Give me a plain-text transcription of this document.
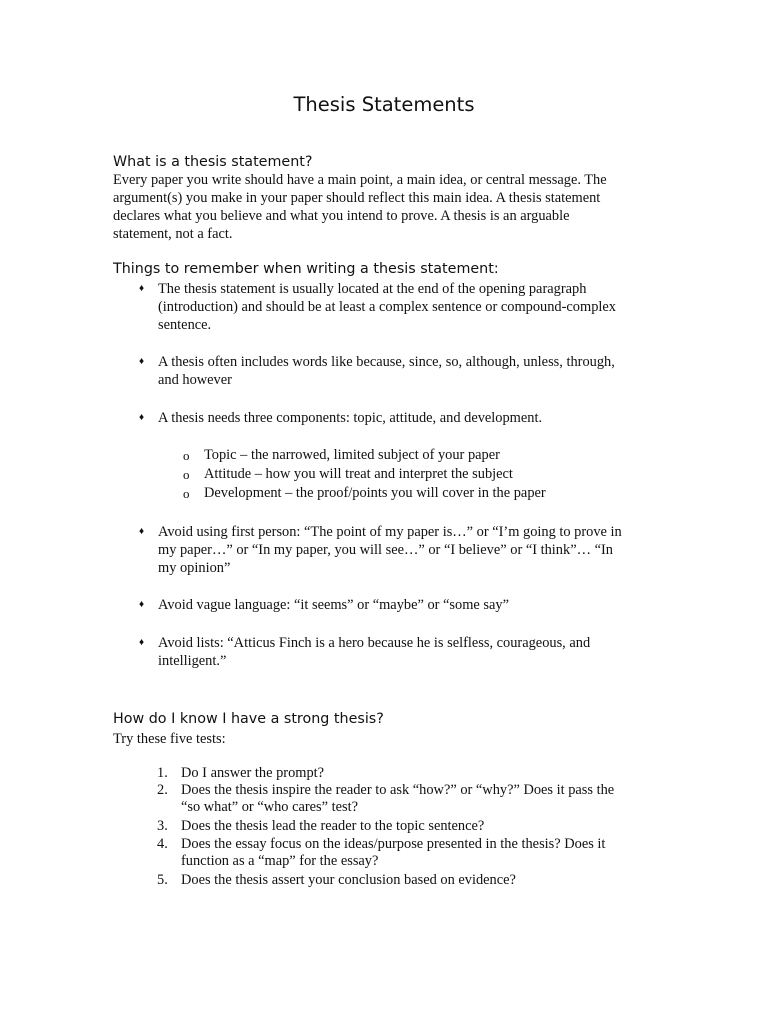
Thesis Statements
What is a thesis statement?
Every paper you write should have a main point, a main idea, or central message. The
argument(s) you make in your paper should reflect this main idea. A thesis statement
declares what you believe and what you intend to prove. A thesis is an arguable
statement, not a fact.
Things to remember when writing a thesis statement:
♦ The thesis statement is usually located at the end of the opening paragraph
(introduction) and should be at least a complex sentence or compound-complex
sentence.
♦ A thesis often includes words like because, since, so, although, unless, through,
and however
♦ A thesis needs three components: topic, attitude, and development.
o Topic – the narrowed, limited subject of your paper
o Attitude – how you will treat and interpret the subject
o Development – the proof/points you will cover in the paper
♦ Avoid using first person: “The point of my paper is…” or “I’m going to prove in
my paper…” or “In my paper, you will see…” or “I believe” or “I think”… “In
my opinion”
♦ Avoid vague language: “it seems” or “maybe” or “some say”
♦ Avoid lists: “Atticus Finch is a hero because he is selfless, courageous, and
intelligent.”
How do I know I have a strong thesis?
Try these five tests:
1. Do I answer the prompt?
2. Does the thesis inspire the reader to ask “how?” or “why?” Does it pass the
“so what” or “who cares” test?
3. Does the thesis lead the reader to the topic sentence?
4. Does the essay focus on the ideas/purpose presented in the thesis? Does it
function as a “map” for the essay?
5. Does the thesis assert your conclusion based on evidence?
